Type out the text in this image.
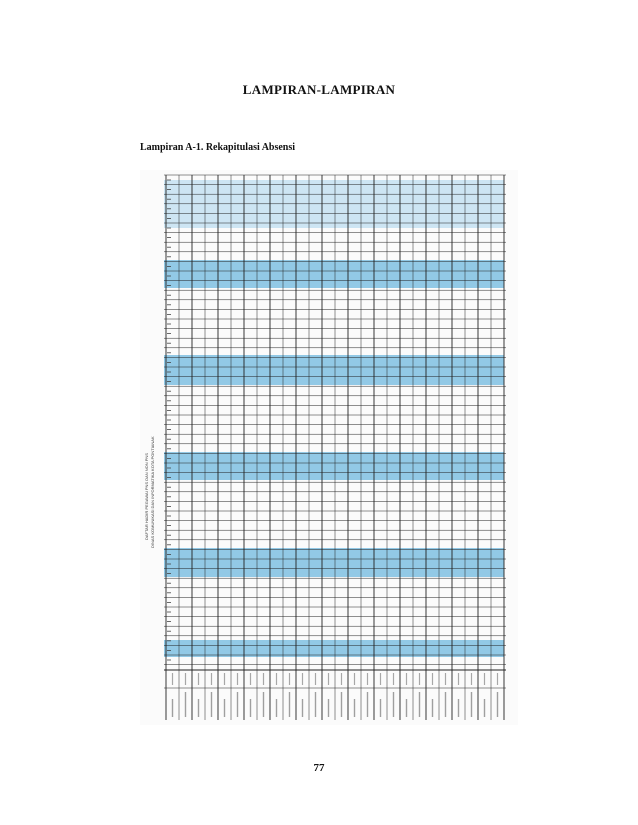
LAMPIRAN-LAMPIRAN
Lampiran A-1. Rekapitulasi Absensi
DAFTAR HADIR PEGAWAI PNS DAN NON PNS DINAS KOMUNIKASI DAN INFORMATIKA KOTA PONTIANAK
77
